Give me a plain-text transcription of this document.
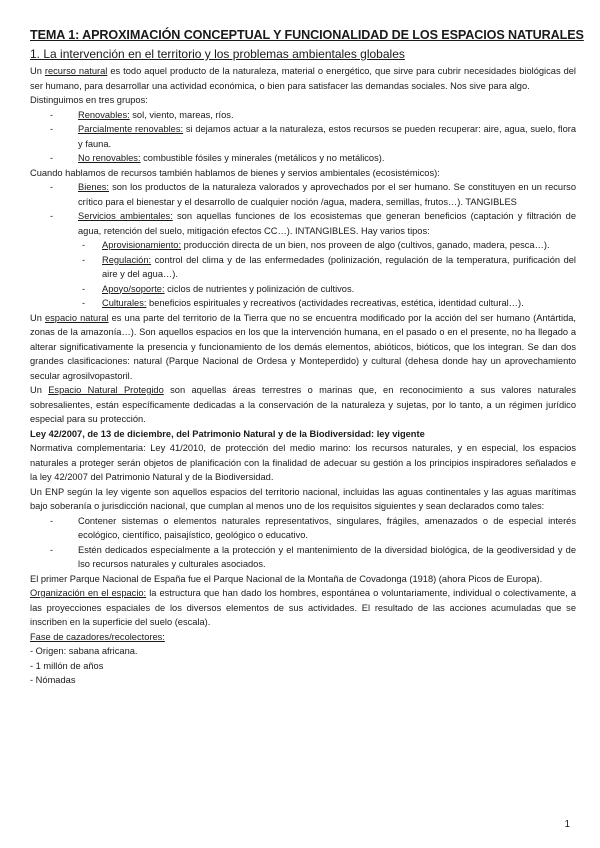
TEMA 1: APROXIMACIÓN CONCEPTUAL Y FUNCIONALIDAD DE LOS ESPACIOS NATURALES
1. La intervención en el territorio y los problemas ambientales globales

Un recurso natural es todo aquel producto de la naturaleza, material o energético, que sirve para cubrir necesidades biológicas del ser humano, para desarrollar una actividad económica, o bien para satisfacer las demandas sociales. Nos sive para algo.

Distinguimos en tres grupos:

- Renovables: sol, viento, mareas, ríos.
- Parcialmente renovables: si dejamos actuar a la naturaleza, estos recursos se pueden recuperar: aire, agua, suelo, flora y fauna.
- No renovables: combustible fósiles y minerales (metálicos y no metálicos).

Cuando hablamos de recursos también hablamos de bienes y servios ambientales (ecosistémicos):

- Bienes: son los productos de la naturaleza valorados y aprovechados por el ser humano. Se constituyen en un recurso crítico para el bienestar y el desarrollo de cualquier noción /agua, madera, semillas, frutos…). TANGIBLES
- Servicios ambientales: son aquellas funciones de los ecosistemas que generan beneficios (captación y filtración de agua, retención del suelo, mitigación efectos CC…). INTANGIBLES. Hay varios tipos:
- Aprovisionamiento: producción directa de un bien, nos proveen de algo (cultivos, ganado, madera, pesca…).
- Regulación: control del clima y de las enfermedades (polinización, regulación de la temperatura, purificación del aire y del agua…).
- Apoyo/soporte: ciclos de nutrientes y polinización de cultivos.
- Culturales: beneficios espirituales y recreativos (actividades recreativas, estética, identidad cultural…).

Un espacio natural es una parte del territorio de la Tierra que no se encuentra modificado por la acción del ser humano (Antártida, zonas de la amazonía…). Son aquellos espacios en los que la intervención humana, en el pasado o en el presente, no ha llegado a alterar significativamente la presencia y funcionamiento de los demás elementos, abióticos, bióticos, que los integran. Se dan dos grandes clasificaciones: natural (Parque Nacional de Ordesa y Monteperdido) y cultural (dehesa donde hay un aprovechamiento secular agrosilvopastoril.

Un Espacio Natural Protegido son aquellas áreas terrestres o marinas que, en reconocimiento a sus valores naturales sobresalientes, están específicamente dedicadas a la conservación de la naturaleza y sujetas, por lo tanto, a un régimen jurídico especial para su protección.

Ley 42/2007, de 13 de diciembre, del Patrimonio Natural y de la Biodiversidad: ley vigente

Normativa complementaria: Ley 41/2010, de protección del medio marino: los recursos naturales, y en especial, los espacios naturales a proteger serán objetos de planificación con la finalidad de adecuar su gestión a los principios inspiradores señalados e la ley 42/2007 del Patrimonio Natural y de la Biodiversidad.

Un ENP según la ley vigente son aquellos espacios del territorio nacional, incluidas las aguas continentales y las aguas marítimas bajo soberanía o jurisdicción nacional, que cumplan al menos uno de los requisitos siguientes y sean declarados como tales:

- Contener sistemas o elementos naturales representativos, singulares, frágiles, amenazados o de especial interés ecológico, científico, paisajístico, geológico o educativo.
- Estén dedicados especialmente a la protección y el mantenimiento de la diversidad biológica, de la geodiversidad y de lso recursos naturales y culturales asociados.

El primer Parque Nacional de España fue el Parque Nacional de la Montaña de Covadonga (1918) (ahora Picos de Europa).

Organización en el espacio: la estructura que han dado los hombres, espontánea o voluntariamente, individual o colectivamente, a las proyecciones espaciales de los diversos elementos de sus actividades. El resultado de las acciones acumuladas que se inscriben en la superficie del suelo (escala).

Fase de cazadores/recolectores:

- Origen: sabana africana.

- 1 millón de años

- Nómadas

1
